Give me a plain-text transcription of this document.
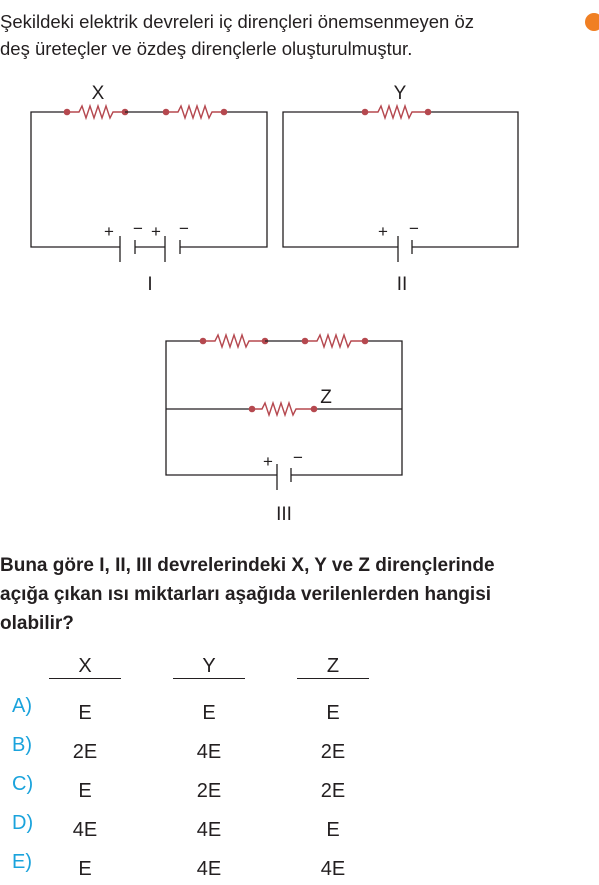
Şekildeki elektrik devreleri iç dirençleri önemsenmeyen öz
deş üreteçler ve özdeş dirençlerle oluşturulmuştur.
X	Y
Z
I	II
III
+ − + −	+ −
+ −
Buna göre I, II, III devrelerindeki X, Y ve Z dirençlerinde
açığa çıkan ısı miktarları aşağıda verilenlerden hangisi
olabilir?
X	Y	Z
A)	E	E	E
B)	2E	4E	2E
C)	E	2E	2E
D)	4E	4E	E
E)	E	4E	4E
